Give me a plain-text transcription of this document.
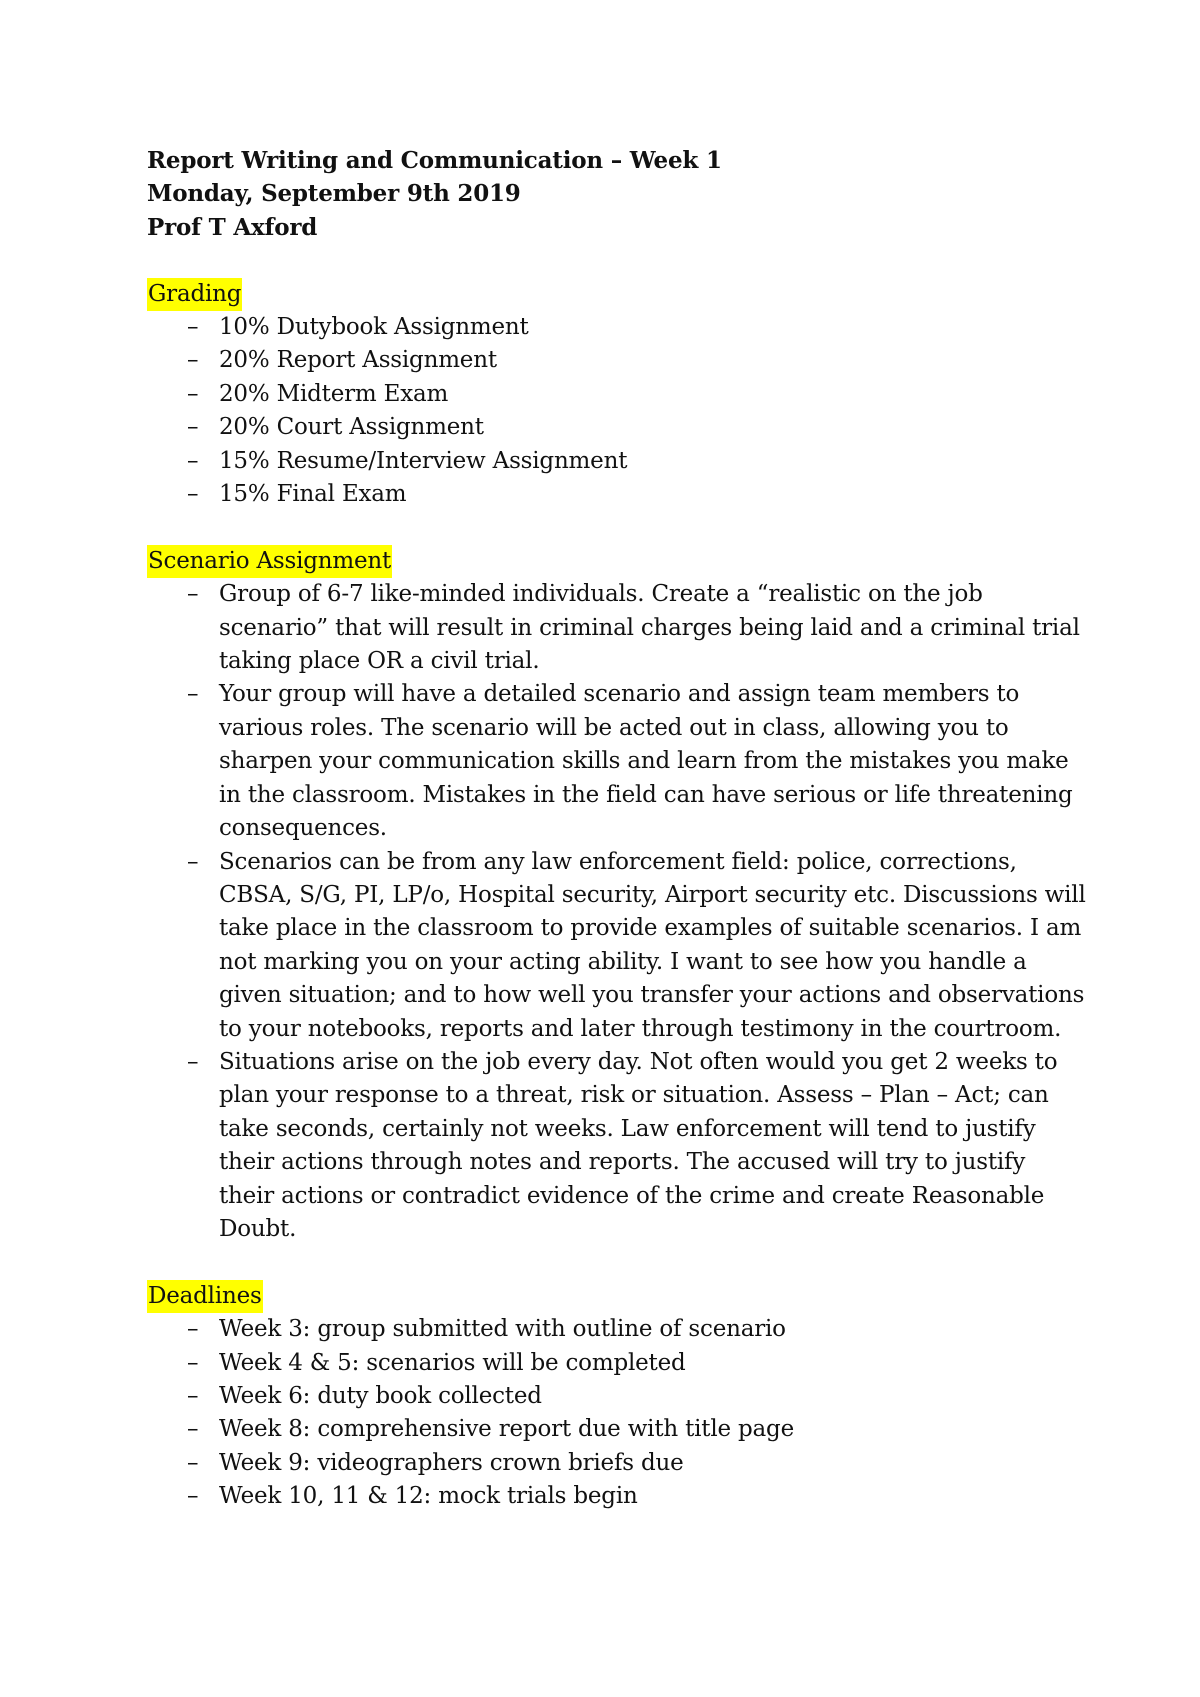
Report Writing and Communication – Week 1
Monday, September 9th 2019
Prof T Axford
Grading
– 10% Dutybook Assignment
– 20% Report Assignment
– 20% Midterm Exam
– 20% Court Assignment
– 15% Resume/Interview Assignment
– 15% Final Exam
Scenario Assignment
– Group of 6-7 like-minded individuals. Create a “realistic on the job scenario” that will result in criminal charges being laid and a criminal trial taking place OR a civil trial.
– Your group will have a detailed scenario and assign team members to various roles. The scenario will be acted out in class, allowing you to sharpen your communication skills and learn from the mistakes you make in the classroom. Mistakes in the field can have serious or life threatening consequences.
– Scenarios can be from any law enforcement field: police, corrections, CBSA, S/G, PI, LP/o, Hospital security, Airport security etc. Discussions will take place in the classroom to provide examples of suitable scenarios. I am not marking you on your acting ability. I want to see how you handle a given situation; and to how well you transfer your actions and observations to your notebooks, reports and later through testimony in the courtroom.
– Situations arise on the job every day. Not often would you get 2 weeks to plan your response to a threat, risk or situation. Assess – Plan – Act; can take seconds, certainly not weeks. Law enforcement will tend to justify their actions through notes and reports. The accused will try to justify their actions or contradict evidence of the crime and create Reasonable Doubt.
Deadlines
– Week 3: group submitted with outline of scenario
– Week 4 & 5: scenarios will be completed
– Week 6: duty book collected
– Week 8: comprehensive report due with title page
– Week 9: videographers crown briefs due
– Week 10, 11 & 12: mock trials begin
